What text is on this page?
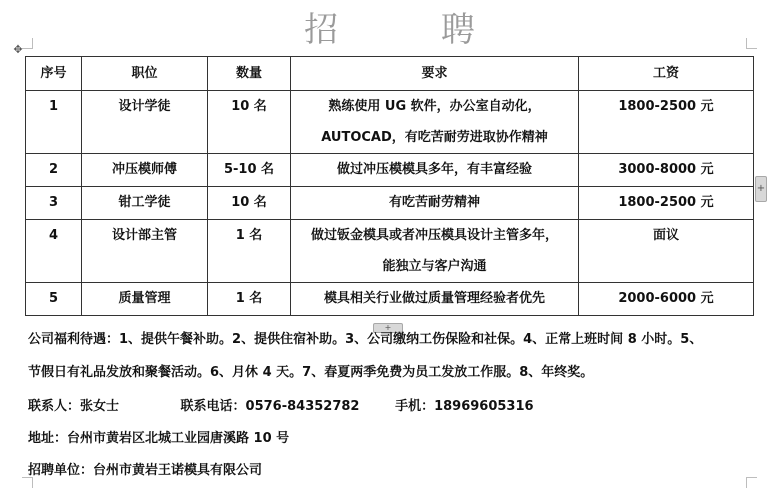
招 聘
✥
+
+
序号	职位	数量	要求	工资
1	设计学徒	10 名	熟练使用 UG 软件，办公室自动化，
AUTOCAD，有吃苦耐劳进取协作精神	1800-2500 元
2	冲压模师傅	5-10 名	做过冲压模模具多年，有丰富经验	3000-8000 元
3	钳工学徒	10 名	有吃苦耐劳精神	1800-2500 元
4	设计部主管	1 名	做过钣金模具或者冲压模具设计主管多年，
能独立与客户沟通	面议
5	质量管理	1 名	模具相关行业做过质量管理经验者优先	2000-6000 元
公司福利待遇：1、提供午餐补助。2、提供住宿补助。3、公司缴纳工伤保险和社保。4、正常上班时间 8 小时。5、
节假日有礼品发放和聚餐活动。6、月休 4 天。7、春夏两季免费为员工发放工作服。8、年终奖。
联系人：张女士	联系电话：0576-84352782	手机：18969605316
地址：台州市黄岩区北城工业园唐溪路 10 号
招聘单位：台州市黄岩王诺模具有限公司
